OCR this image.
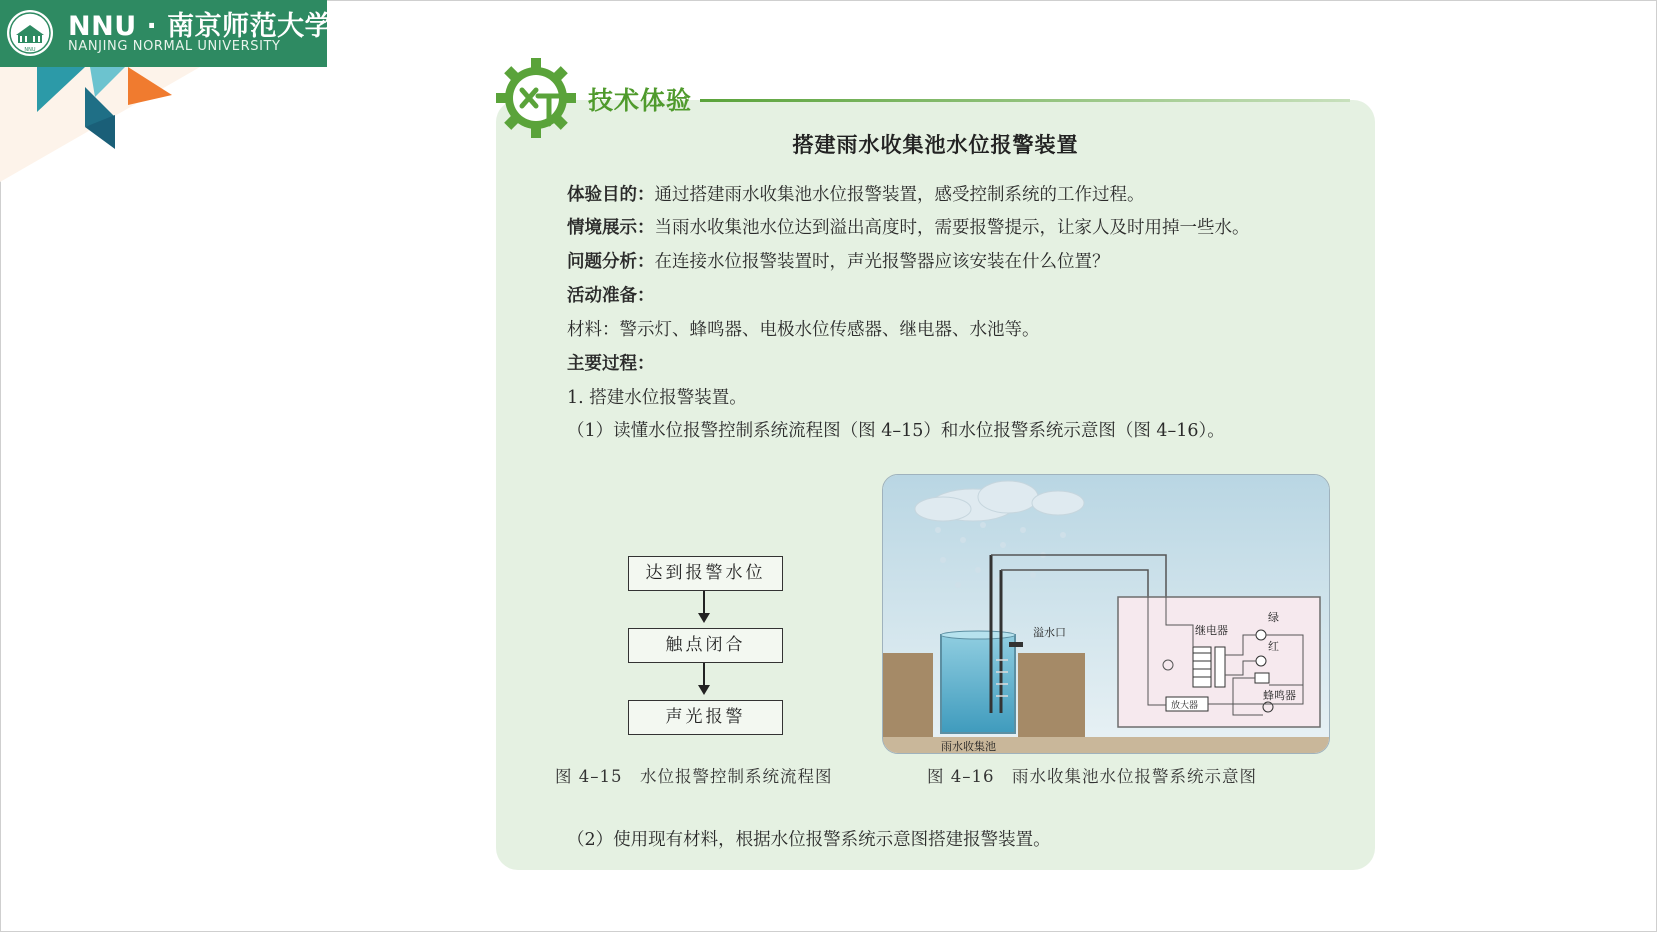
NNU
NNU · 南京师范大学
NANJING NORMAL UNIVERSITY
技术体验
搭建雨水收集池水位报警装置
体验目的：通过搭建雨水收集池水位报警装置，感受控制系统的工作过程。
情境展示：当雨水收集池水位达到溢出高度时，需要报警提示，让家人及时用掉一些水。
问题分析：在连接水位报警装置时，声光报警器应该安装在什么位置？
活动准备：
材料：警示灯、蜂鸣器、电极水位传感器、继电器、水池等。
主要过程：
1. 搭建水位报警装置。
（1）读懂水位报警控制系统流程图（图 4–15）和水位报警系统示意图（图 4–16）。
（2）使用现有材料，根据水位报警系统示意图搭建报警装置。
达到报警水位
触点闭合
声光报警
图 4–15　水位报警控制系统流程图
溢水口	继电器
绿
红
蜂鸣器
放大器
雨水收集池
图 4–16　雨水收集池水位报警系统示意图
